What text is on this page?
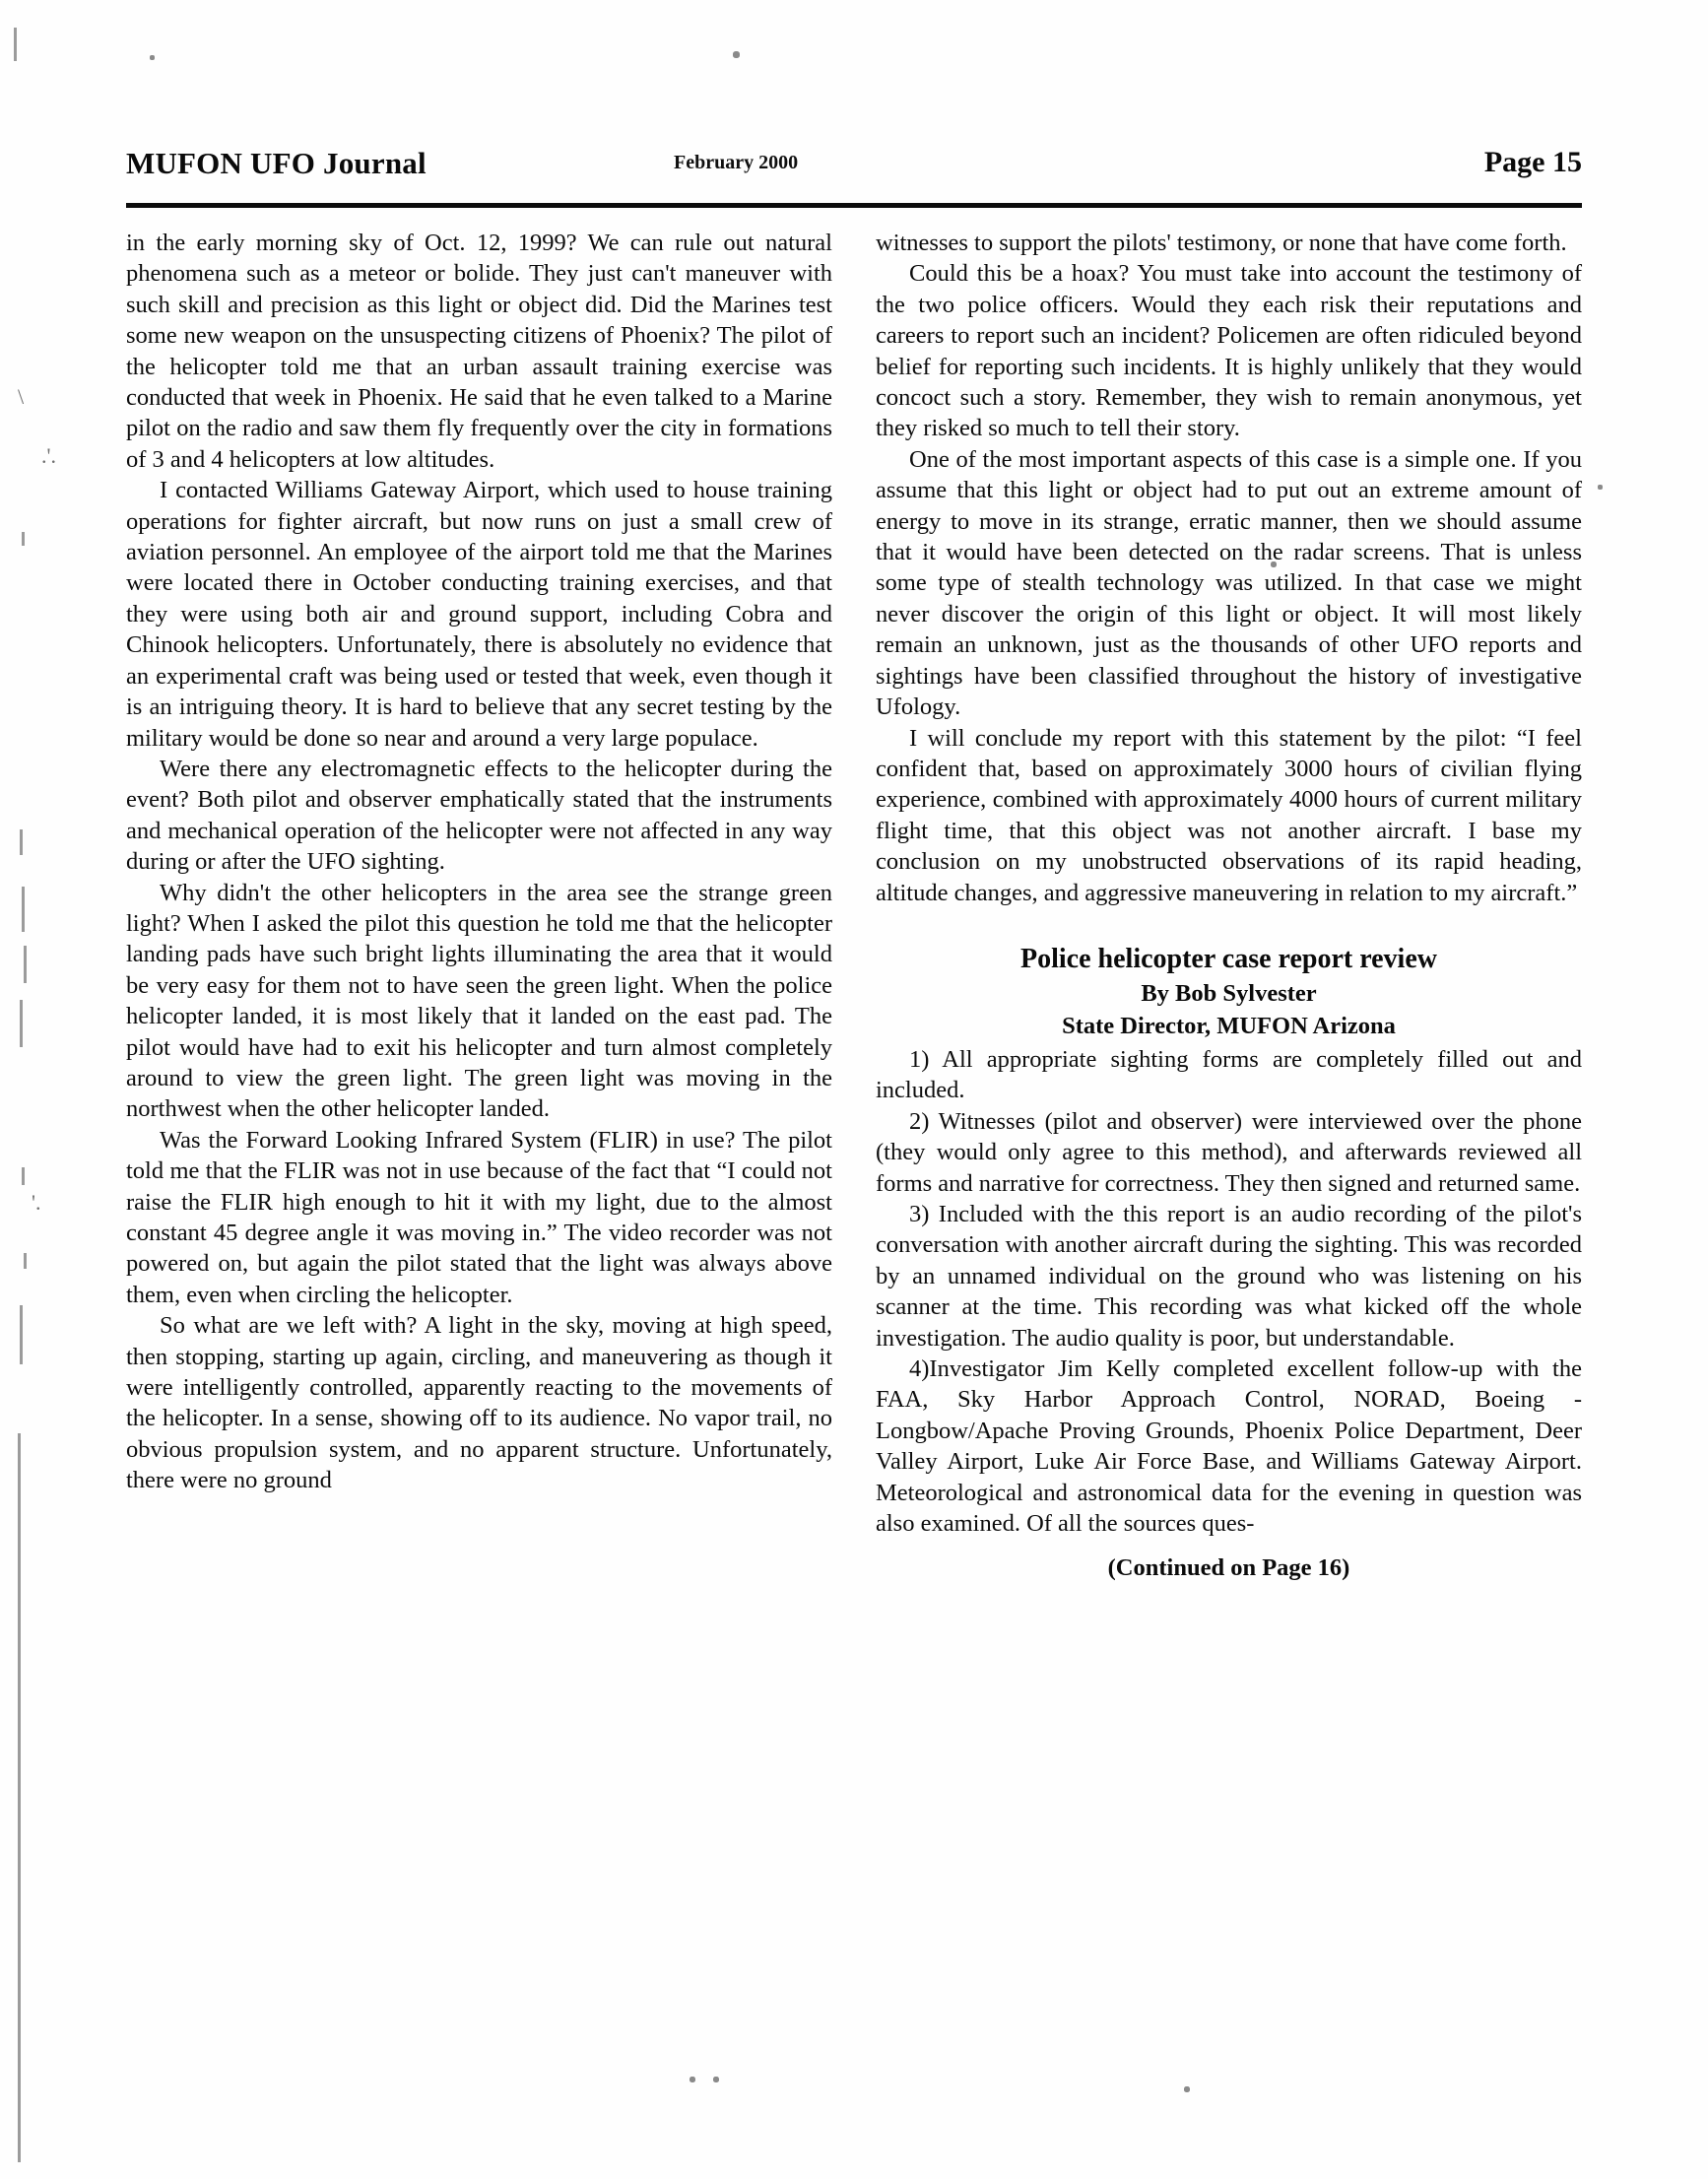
\
.'.
'.
MUFON UFO Journal	February 2000	Page 15

in the early morning sky of Oct. 12, 1999? We can rule out natural phenomena such as a meteor or bolide. They just can't maneuver with such skill and precision as this light or object did. Did the Marines test some new weapon on the unsuspecting citizens of Phoenix? The pilot of the helicopter told me that an urban assault training exercise was conducted that week in Phoenix. He said that he even talked to a Marine pilot on the radio and saw them fly frequently over the city in formations of 3 and 4 helicopters at low altitudes.

I contacted Williams Gateway Airport, which used to house training operations for fighter aircraft, but now runs on just a small crew of aviation personnel. An employee of the airport told me that the Marines were located there in October conducting training exercises, and that they were using both air and ground support, including Cobra and Chinook helicopters. Unfortunately, there is absolutely no evidence that an experimental craft was being used or tested that week, even though it is an intriguing theory. It is hard to believe that any secret testing by the military would be done so near and around a very large populace.

Were there any electromagnetic effects to the helicopter during the event? Both pilot and observer emphatically stated that the instruments and mechanical operation of the helicopter were not affected in any way during or after the UFO sighting.

Why didn't the other helicopters in the area see the strange green light? When I asked the pilot this question he told me that the helicopter landing pads have such bright lights illuminating the area that it would be very easy for them not to have seen the green light. When the police helicopter landed, it is most likely that it landed on the east pad. The pilot would have had to exit his helicopter and turn almost completely around to view the green light. The green light was moving in the northwest when the other helicopter landed.

Was the Forward Looking Infrared System (FLIR) in use? The pilot told me that the FLIR was not in use because of the fact that “I could not raise the FLIR high enough to hit it with my light, due to the almost constant 45 degree angle it was moving in.” The video recorder was not powered on, but again the pilot stated that the light was always above them, even when circling the helicopter.

So what are we left with? A light in the sky, moving at high speed, then stopping, starting up again, circling, and maneuvering as though it were intelligently controlled, apparently reacting to the movements of the helicopter. In a sense, showing off to its audience. No vapor trail, no obvious propulsion system, and no apparent structure. Unfortunately, there were no ground

witnesses to support the pilots' testimony, or none that have come forth.

Could this be a hoax? You must take into account the testimony of the two police officers. Would they each risk their reputations and careers to report such an incident? Policemen are often ridiculed beyond belief for reporting such incidents. It is highly unlikely that they would concoct such a story. Remember, they wish to remain anonymous, yet they risked so much to tell their story.

One of the most important aspects of this case is a simple one. If you assume that this light or object had to put out an extreme amount of energy to move in its strange, erratic manner, then we should assume that it would have been detected on the radar screens. That is unless some type of stealth technology was utilized. In that case we might never discover the origin of this light or object. It will most likely remain an unknown, just as the thousands of other UFO reports and sightings have been classified throughout the history of investigative Ufology.

I will conclude my report with this statement by the pilot: “I feel confident that, based on approximately 3000 hours of civilian flying experience, combined with approximately 4000 hours of current military flight time, that this object was not another aircraft. I base my conclusion on my unobstructed observations of its rapid heading, altitude changes, and aggressive maneuvering in relation to my aircraft.”

Police helicopter case report review
By Bob Sylvester
State Director, MUFON Arizona

1) All appropriate sighting forms are completely filled out and included.

2) Witnesses (pilot and observer) were interviewed over the phone (they would only agree to this method), and afterwards reviewed all forms and narrative for correctness. They then signed and returned same.

3) Included with the this report is an audio recording of the pilot's conversation with another aircraft during the sighting. This was recorded by an unnamed individual on the ground who was listening on his scanner at the time. This recording was what kicked off the whole investigation. The audio quality is poor, but understandable.

4)Investigator Jim Kelly completed excellent follow-up with the FAA, Sky Harbor Approach Control, NORAD, Boeing - Longbow/Apache Proving Grounds, Phoenix Police Department, Deer Valley Airport, Luke Air Force Base, and Williams Gateway Airport. Meteorological and astronomical data for the evening in question was also examined. Of all the sources ques-

(Continued on Page 16)
